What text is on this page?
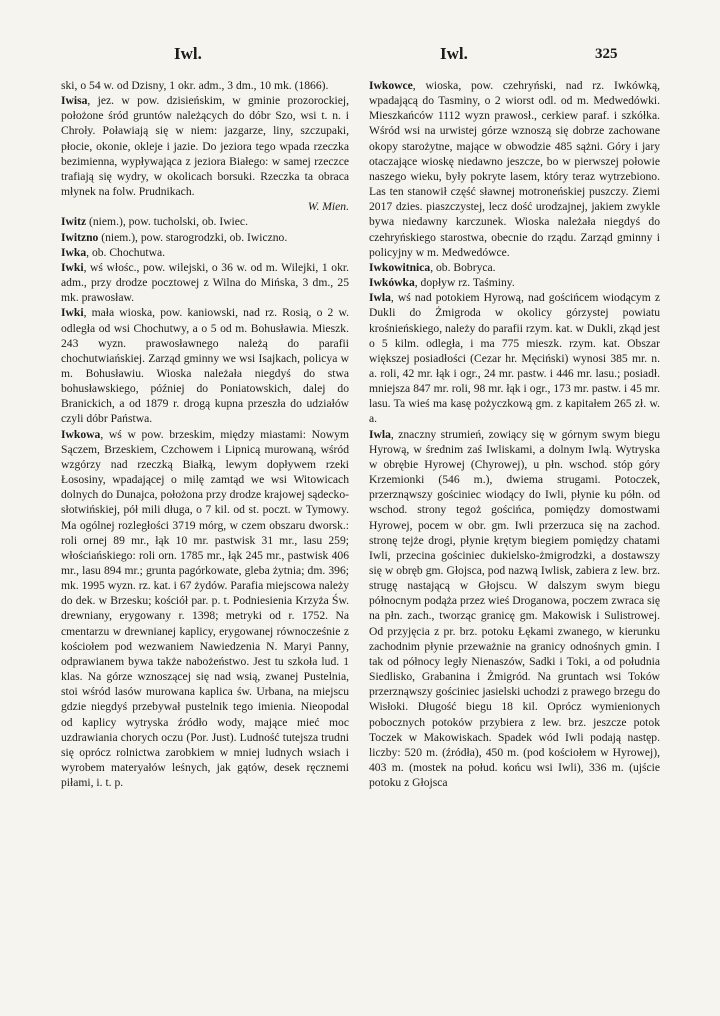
Iwl.	Iwl.	325

ski, o 54 w. od Dzisny, 1 okr. adm., 3 dm., 10 mk. (1866).

Iwisa, jez. w pow. dzisieńskim, w gminie prozorockiej, położone śród gruntów należących do dóbr Szo, wsi t. n. i Chroły. Poławiają się w niem: jazgarze, liny, szczupaki, płocie, okonie, okleje i jazie. Do jeziora tego wpada rzeczka bezimienna, wypływająca z jeziora Białego: w samej rzeczce trafiają się wydry, w okolicach borsuki. Rzeczka ta obraca młynek na folw. Prudnikach.
W. Mien.

Iwitz (niem.), pow. tucholski, ob. Iwiec.

Iwitzno (niem.), pow. starogrodzki, ob. Iwiczno.

Iwka, ob. Chochutwa.

Iwki, wś włośc., pow. wilejski, o 36 w. od m. Wilejki, 1 okr. adm., przy drodze pocztowej z Wilna do Mińska, 3 dm., 25 mk. prawosław.

Iwki, mała wioska, pow. kaniowski, nad rz. Rosią, o 2 w. odległa od wsi Chochutwy, a o 5 od m. Bohusławia. Mieszk. 243 wyzn. prawosławnego należą do parafii chochutwiańskiej. Zarząd gminny we wsi Isajkach, policya w m. Bohusławiu. Wioska należała niegdyś do stwa bohusławskiego, później do Poniatowskich, dalej do Branickich, a od 1879 r. drogą kupna przeszła do udziałów czyli dóbr Państwa.

Iwkowa, wś w pow. brzeskim, między miastami: Nowym Sączem, Brzeskiem, Czchowem i Lipnicą murowaną, wśród wzgórzy nad rzeczką Białką, lewym dopływem rzeki Łososiny, wpadającej o milę zamtąd we wsi Witowicach dolnych do Dunajca, położona przy drodze krajowej sądecko-słotwińskiej, pół mili długa, o 7 kil. od st. poczt. w Tymowy. Ma ogólnej rozległości 3719 mórg, w czem obszaru dworsk.: roli ornej 89 mr., łąk 10 mr. pastwisk 31 mr., lasu 259; włościańskiego: roli orn. 1785 mr., łąk 245 mr., pastwisk 406 mr., lasu 894 mr.; grunta pagórkowate, gleba żytnia; dm. 396; mk. 1995 wyzn. rz. kat. i 67 żydów. Parafia miejscowa należy do dek. w Brzesku; kościół par. p. t. Podniesienia Krzyża Św. drewniany, erygowany r. 1398; metryki od r. 1752. Na cmentarzu w drewnianej kaplicy, erygowanej równocześnie z kościołem pod wezwaniem Nawiedzenia N. Maryi Panny, odprawianem bywa także nabożeństwo. Jest tu szkoła lud. 1 klas. Na górze wznoszącej się nad wsią, zwanej Pustelnia, stoi wśród lasów murowana kaplica św. Urbana, na miejscu gdzie niegdyś przebywał pustelnik tego imienia. Nieopodal od kaplicy wytryska źródło wody, mające mieć moc uzdrawiania chorych oczu (Por. Just). Ludność tutejsza trudni się oprócz rolnictwa zarobkiem w mniej ludnych wsiach i wyrobem materyałów leśnych, jak gątów, desek ręcznemi piłami, i. t. p.

Iwkowce, wioska, pow. czehryński, nad rz. Iwkówką, wpadającą do Tasminy, o 2 wiorst odl. od m. Medwedówki. Mieszkańców 1112 wyzn prawosł., cerkiew paraf. i szkółka. Wśród wsi na urwistej górze wznoszą się dobrze zachowane okopy starożytne, mające w obwodzie 485 sążni. Góry i jary otaczające wioskę niedawno jeszcze, bo w pierwszej połowie naszego wieku, były pokryte lasem, który teraz wytrzebiono. Las ten stanowił część sławnej motroneńskiej puszczy. Ziemi 2017 dzies. piaszczystej, lecz dość urodzajnej, jakiem zwykle bywa niedawny karczunek. Wioska należała niegdyś do czehryńskiego starostwa, obecnie do rządu. Zarząd gminny i policyjny w m. Medwedówce.

Iwkowitnica, ob. Bobryca.

Iwkówka, dopływ rz. Taśminy.

Iwla, wś nad potokiem Hyrową, nad gościńcem wiodącym z Dukli do Żmigroda w okolicy górzystej powiatu krośnieńskiego, należy do parafii rzym. kat. w Dukli, zkąd jest o 5 kilm. odległa, i ma 775 mieszk. rzym. kat. Obszar większej posiadłości (Cezar hr. Męciński) wynosi 385 mr. n. a. roli, 42 mr. łąk i ogr., 24 mr. pastw. i 446 mr. lasu.; posiadł. mniejsza 847 mr. roli, 98 mr. łąk i ogr., 173 mr. pastw. i 45 mr. lasu. Ta wieś ma kasę pożyczkową gm. z kapitałem 265 zł. w. a.

Iwla, znaczny strumień, zowiący się w górnym swym biegu Hyrową, w średnim zaś Iwliskami, a dolnym Iwlą. Wytryska w obrębie Hyrowej (Chyrowej), u płn. wschod. stóp góry Krzemionki (546 m.), dwiema strugami. Potoczek, przerznąwszy gościniec wiodący do Iwli, płynie ku półn. od wschod. strony tegoż gościńca, pomiędzy domostwami Hyrowej, pocem w obr. gm. Iwli przerzuca się na zachod. stronę tejże drogi, płynie krętym biegiem pomiędzy chatami Iwli, przecina gościniec dukielsko-żmigrodzki, a dostawszy się w obręb gm. Głojsca, pod nazwą Iwlisk, zabiera z lew. brz. strugę nastającą w Głojscu. W dalszym swym biegu północnym podąża przez wieś Droganowa, poczem zwraca się na płn. zach., tworząc granicę gm. Makowisk i Sulistrowej. Od przyjęcia z pr. brz. potoku Łękami zwanego, w kierunku zachodnim płynie przeważnie na granicy odnośnych gmin. I tak od północy legły Nienaszów, Sadki i Toki, a od południa Siedlisko, Grabanina i Żmigród. Na gruntach wsi Toków przerznąwszy gościniec jasielski uchodzi z prawego brzegu do Wisłoki. Długość biegu 18 kil. Oprócz wymienionych pobocznych potoków przybiera z lew. brz. jeszcze potok Toczek w Makowiskach. Spadek wód Iwli podają następ. liczby: 520 m. (źródła), 450 m. (pod kościołem w Hyrowej), 403 m. (mostek na połud. końcu wsi Iwli), 336 m. (ujście potoku z Głojsca
